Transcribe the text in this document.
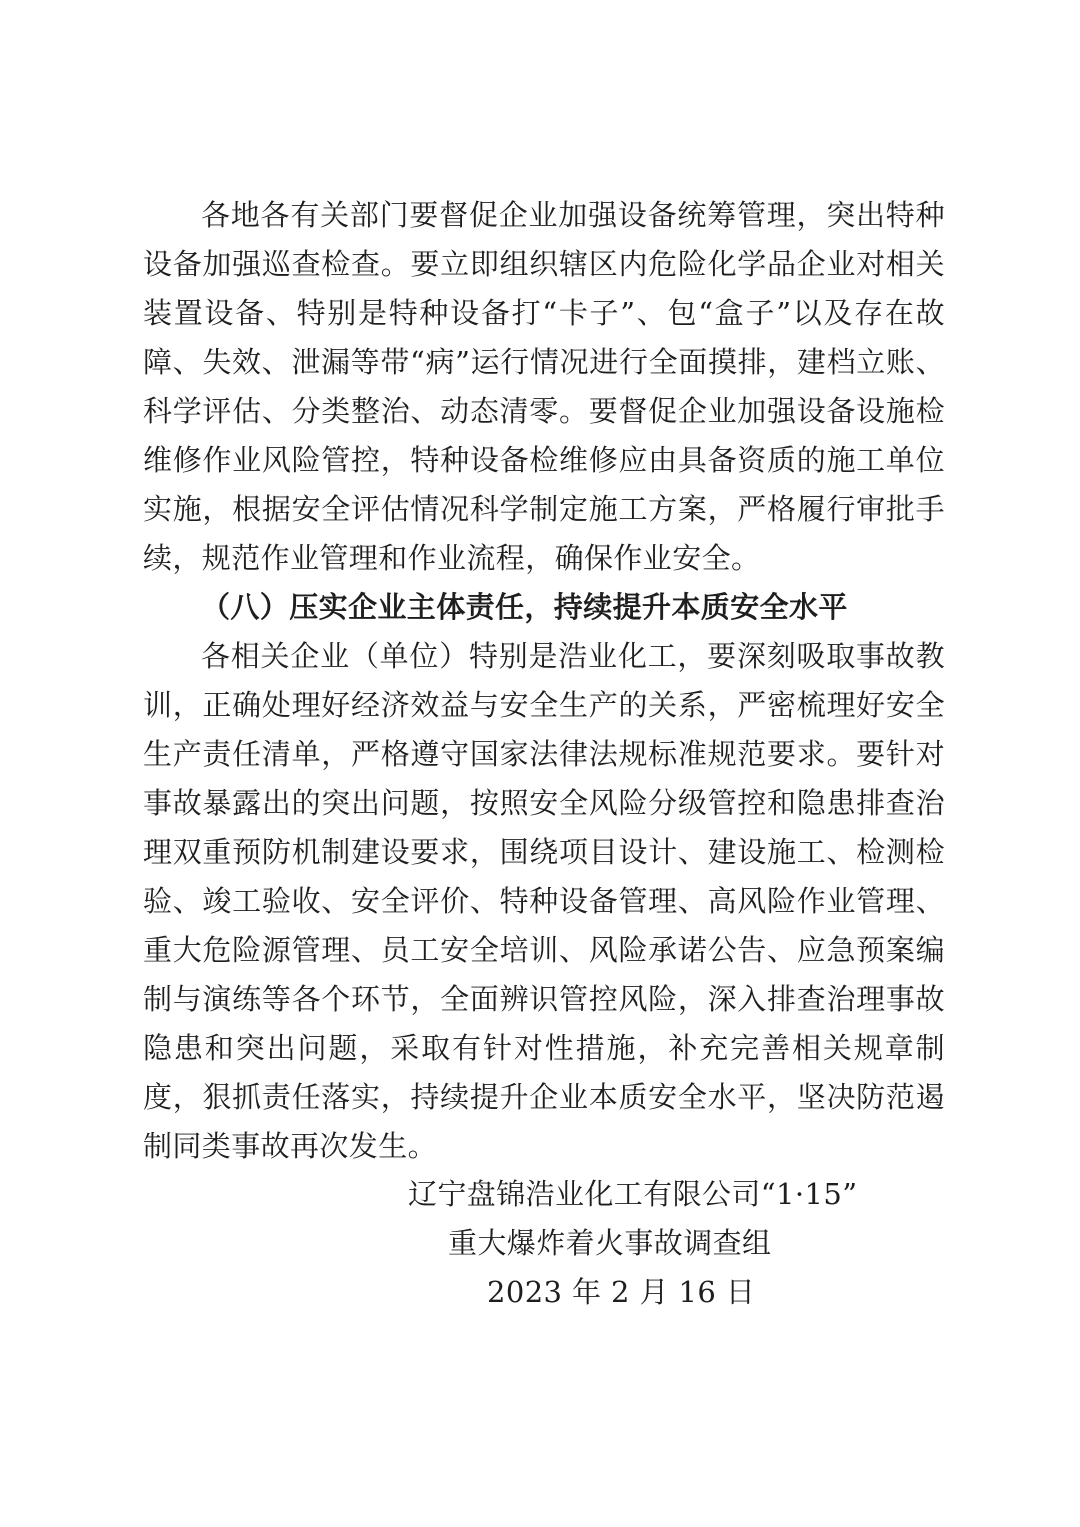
各地各有关部门要督促企业加强设备统筹管理，突出特种设备加强巡查检查。要立即组织辖区内危险化学品企业对相关装置设备、特别是特种设备打“卡子”、包“盒子”以及存在故障、失效、泄漏等带“病”运行情况进行全面摸排，建档立账、科学评估、分类整治、动态清零。要督促企业加强设备设施检维修作业风险管控，特种设备检维修应由具备资质的施工单位实施，根据安全评估情况科学制定施工方案，严格履行审批手续，规范作业管理和作业流程，确保作业安全。

（八）压实企业主体责任，持续提升本质安全水平

各相关企业（单位）特别是浩业化工，要深刻吸取事故教训，正确处理好经济效益与安全生产的关系，严密梳理好安全生产责任清单，严格遵守国家法律法规标准规范要求。要针对事故暴露出的突出问题，按照安全风险分级管控和隐患排查治理双重预防机制建设要求，围绕项目设计、建设施工、检测检验、竣工验收、安全评价、特种设备管理、高风险作业管理、重大危险源管理、员工安全培训、风险承诺公告、应急预案编制与演练等各个环节，全面辨识管控风险，深入排查治理事故隐患和突出问题，采取有针对性措施，补充完善相关规章制度，狠抓责任落实，持续提升企业本质安全水平，坚决防范遏制同类事故再次发生。

辽宁盘锦浩业化工有限公司“1·15”

重大爆炸着火事故调查组

2023 年 2 月 16 日
